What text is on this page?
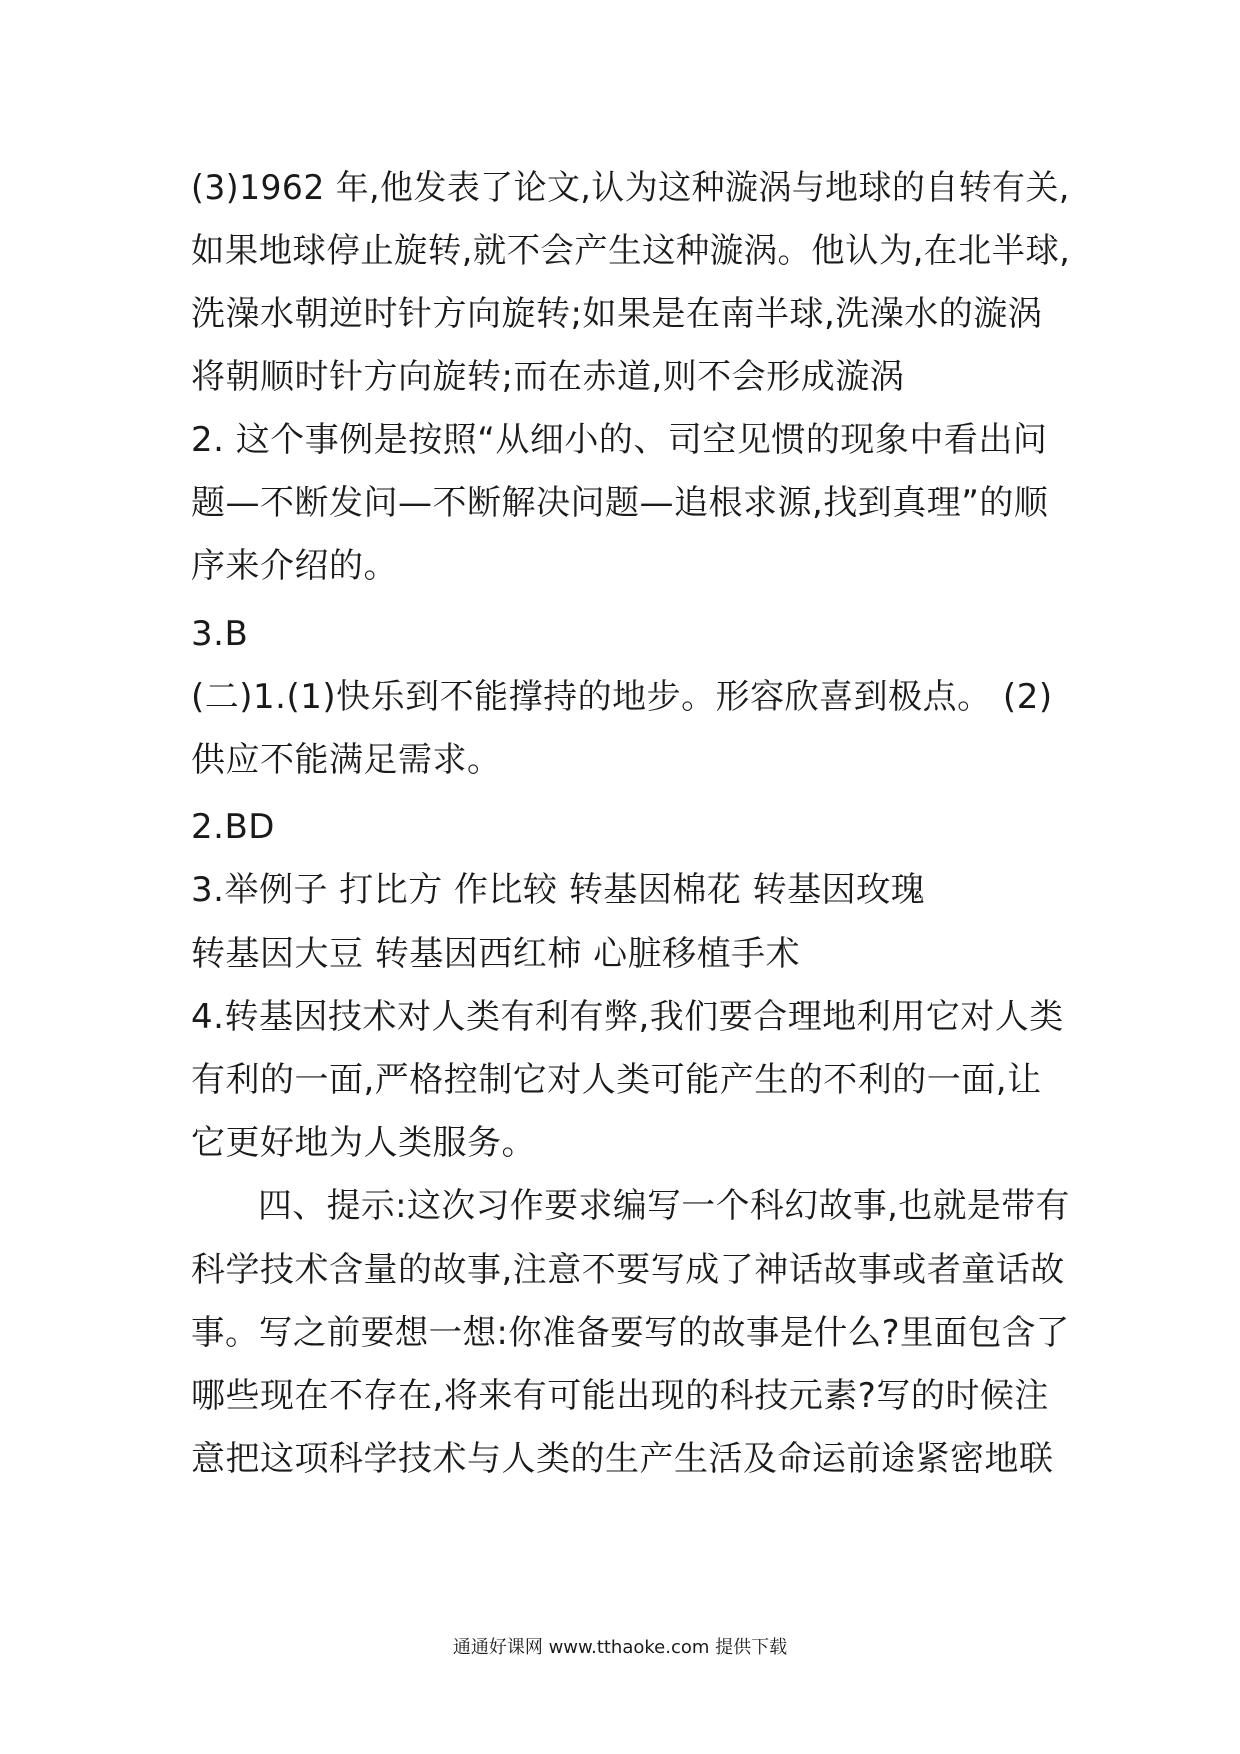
(3)1962 年,他发表了论文,认为这种漩涡与地球的自转有关,
如果地球停止旋转,就不会产生这种漩涡。他认为,在北半球,
洗澡水朝逆时针方向旋转;如果是在南半球,洗澡水的漩涡
将朝顺时针方向旋转;而在赤道,则不会形成漩涡
2. 这个事例是按照“从细小的、司空见惯的现象中看出问
题—不断发问—不断解决问题—追根求源,找到真理”的顺
序来介绍的。
3.B
(二)1.(1)快乐到不能撑持的地步。形容欣喜到极点。 (2)
供应不能满足需求。
2.BD
3.举例子 打比方 作比较 转基因棉花 转基因玫瑰
转基因大豆 转基因西红柿 心脏移植手术
4.转基因技术对人类有利有弊,我们要合理地利用它对人类
有利的一面,严格控制它对人类可能产生的不利的一面,让
它更好地为人类服务。
四、提示:这次习作要求编写一个科幻故事,也就是带有
科学技术含量的故事,注意不要写成了神话故事或者童话故
事。写之前要想一想:你准备要写的故事是什么?里面包含了
哪些现在不存在,将来有可能出现的科技元素?写的时候注
意把这项科学技术与人类的生产生活及命运前途紧密地联
通通好课网 www.tthaoke.com 提供下载
